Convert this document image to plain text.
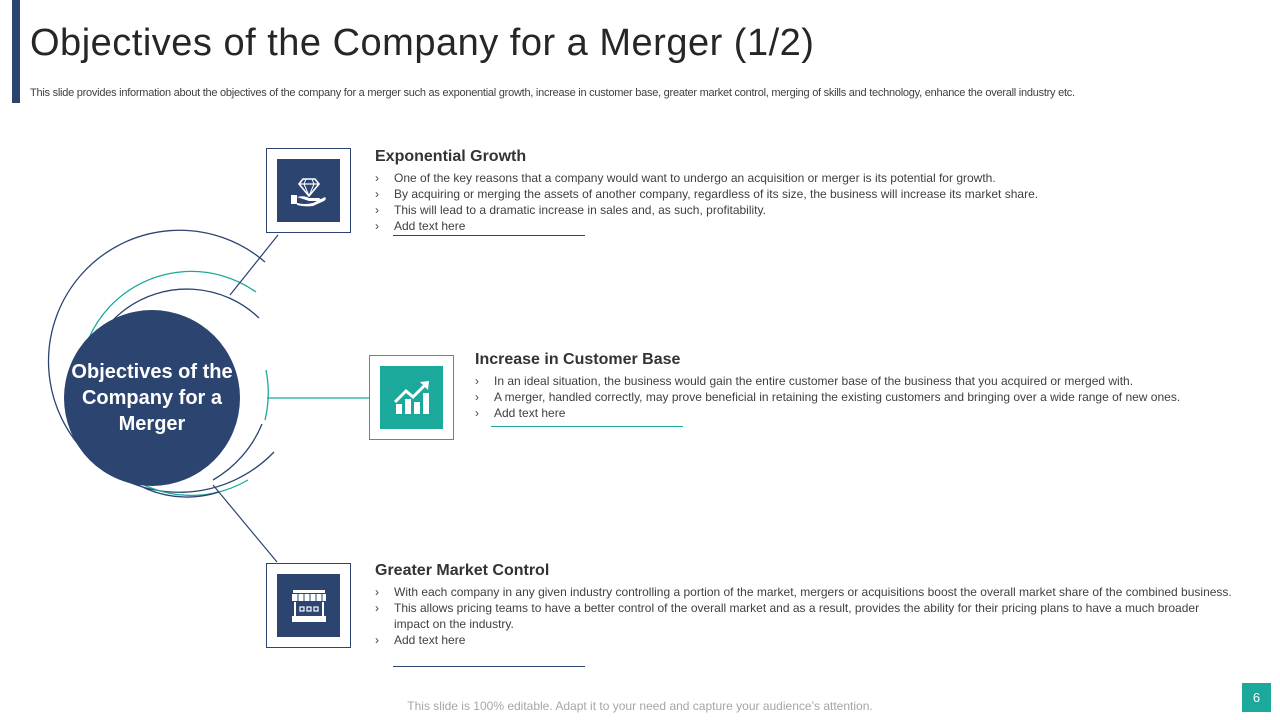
Objectives of the Company for a Merger (1/2)
This slide provides information about the objectives of the company for a merger such as exponential growth, increase in customer base, greater market control, merging of skills and technology, enhance the overall industry etc.
Objectives of the Company for a Merger
Exponential Growth
› One of the key reasons that a company would want to undergo an acquisition or merger is its potential for growth.
› By acquiring or merging the assets of another company, regardless of its size, the business will increase its market share.
› This will lead to a dramatic increase in sales and, as such, profitability.
› Add text here
Increase in Customer Base
› In an ideal situation, the business would gain the entire customer base of the business that you acquired or merged with.
› A merger, handled correctly, may prove beneficial in retaining the existing customers and bringing over a wide range of new ones.
› Add text here
Greater Market Control
› With each company in any given industry controlling a portion of the market, mergers or acquisitions boost the overall market share of the combined business.
› This allows pricing teams to have a better control of the overall market and as a result, provides the ability for their pricing plans to have a much broader impact on the industry.
› Add text here
This slide is 100% editable. Adapt it to your need and capture your audience’s attention.
6
